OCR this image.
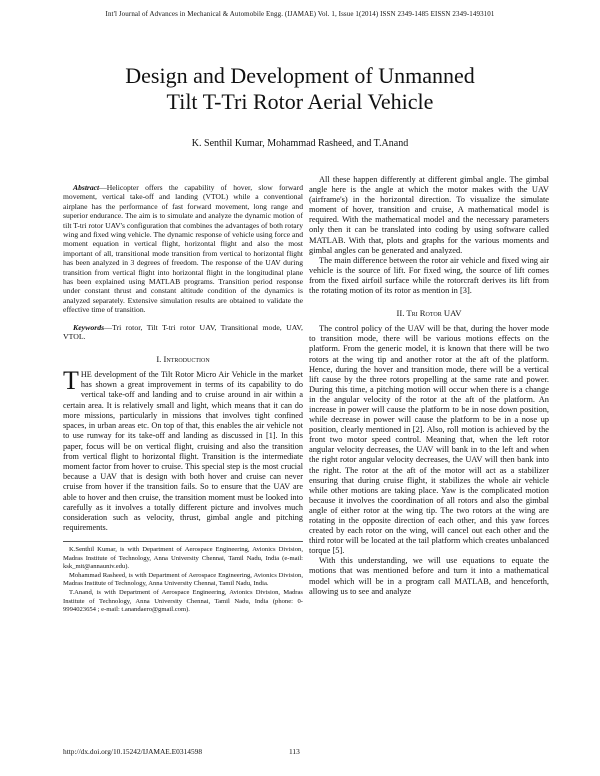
Int'l Journal of Advances in Mechanical & Automobile Engg. (IJAMAE) Vol. 1, Issue 1(2014) ISSN 2349-1485 EISSN 2349-1493101
Design and Development of Unmanned
Tilt T-Tri Rotor Aerial Vehicle
K. Senthil Kumar, Mohammad Rasheed, and T.Anand

Abstract—Helicopter offers the capability of hover, slow forward movement, vertical take-off and landing (VTOL) while a conventional airplane has the performance of fast forward movement, long range and superior endurance. The aim is to simulate and analyze the dynamic motion of tilt T-tri rotor UAV's configuration that combines the advantages of both rotary wing and fixed wing vehicle. The dynamic response of vehicle using force and moment equation in vertical flight, horizontal flight and also the most important of all, transitional mode transition from vertical to horizontal flight has been analyzed in 3 degrees of freedom. The response of the UAV during transition from vertical flight into horizontal flight in the longitudinal plane has been explained using MATLAB programs. Transition period response under constant thrust and constant altitude condition of the dynamics is analyzed separately. Extensive simulation results are obtained to validate the effective time of transition.

Keywords—Tri rotor, Tilt T-tri rotor UAV, Transitional mode, UAV, VTOL.

I. Introduction

THE development of the Tilt Rotor Micro Air Vehicle in the market has shown a great improvement in terms of its capability to do vertical take-off and landing and to cruise around in air within a certain area. It is relatively small and light, which means that it can do more missions, particularly in missions that involves tight confined spaces, in urban areas etc. On top of that, this enables the air vehicle not to use runway for its take-off and landing as discussed in [1]. In this paper, focus will be on vertical flight, cruising and also the transition from vertical flight to horizontal flight. Transition is the intermediate moment factor from hover to cruise. This special step is the most crucial because a UAV that is design with both hover and cruise can never cruise from hover if the transition fails. So to ensure that the UAV are able to hover and then cruise, the transition moment must be looked into carefully as it involves a totally different picture and involves much consideration such as velocity, thrust, gimbal angle and pitching requirements.

K.Senthil Kumar, is with Department of Aerospace Engineering, Avionics Division, Madras Institute of Technology, Anna University Chennai, Tamil Nadu, India (e-mail: ksk_mit@annauniv.edu).

Mohammad Rasheed, is with Department of Aerospace Engineering, Avionics Division, Madras Institute of Technology, Anna University Chennai, Tamil Nadu, India.

T.Anand, is with Department of Aerospace Engineering, Avionics Division, Madras Institute of Technology, Anna University Chennai, Tamil Nadu, India (phone: 0-9994023654 ; e-mail: t.anandaero@gmail.com).

All these happen differently at different gimbal angle. The gimbal angle here is the angle at which the motor makes with the UAV (airframe's) in the horizontal direction. To visualize the simulate moment of hover, transition and cruise, A mathematical model is required. With the mathematical model and the necessary parameters only then it can be translated into coding by using software called MATLAB. With that, plots and graphs for the various moments and gimbal angles can be generated and analyzed.

The main difference between the rotor air vehicle and fixed wing air vehicle is the source of lift. For fixed wing, the source of lift comes from the fixed airfoil surface while the rotorcraft derives its lift from the rotating motion of its rotor as mention in [3].

II. Tri Rotor UAV

The control policy of the UAV will be that, during the hover mode to transition mode, there will be various motions effects on the platform. From the generic model, it is known that there will be two rotors at the wing tip and another rotor at the aft of the platform. Hence, during the hover and transition mode, there will be a vertical lift cause by the three rotors propelling at the same rate and power. During this time, a pitching motion will occur when there is a change in the angular velocity of the rotor at the aft of the platform. An increase in power will cause the platform to be in nose down position, while decrease in power will cause the platform to be in a nose up position, clearly mentioned in [2]. Also, roll motion is achieved by the front two motor speed control. Meaning that, when the left rotor angular velocity decreases, the UAV will bank in to the left and when the right rotor angular velocity decreases, the UAV will then bank into the right. The rotor at the aft of the motor will act as a stabilizer ensuring that during cruise flight, it stabilizes the whole air vehicle while other motions are taking place. Yaw is the complicated motion because it involves the coordination of all rotors and also the gimbal angle of either rotor at the wing tip. The two rotors at the wing are rotating in the opposite direction of each other, and this yaw forces created by each rotor on the wing, will cancel out each other and the third rotor will be located at the tail platform which creates unbalanced torque [5].

With this understanding, we will use equations to equate the motions that was mentioned before and turn it into a mathematical model which will be in a program call MATLAB, and henceforth, allowing us to see and analyze

http://dx.doi.org/10.15242/IJAMAE.E0314598	113
